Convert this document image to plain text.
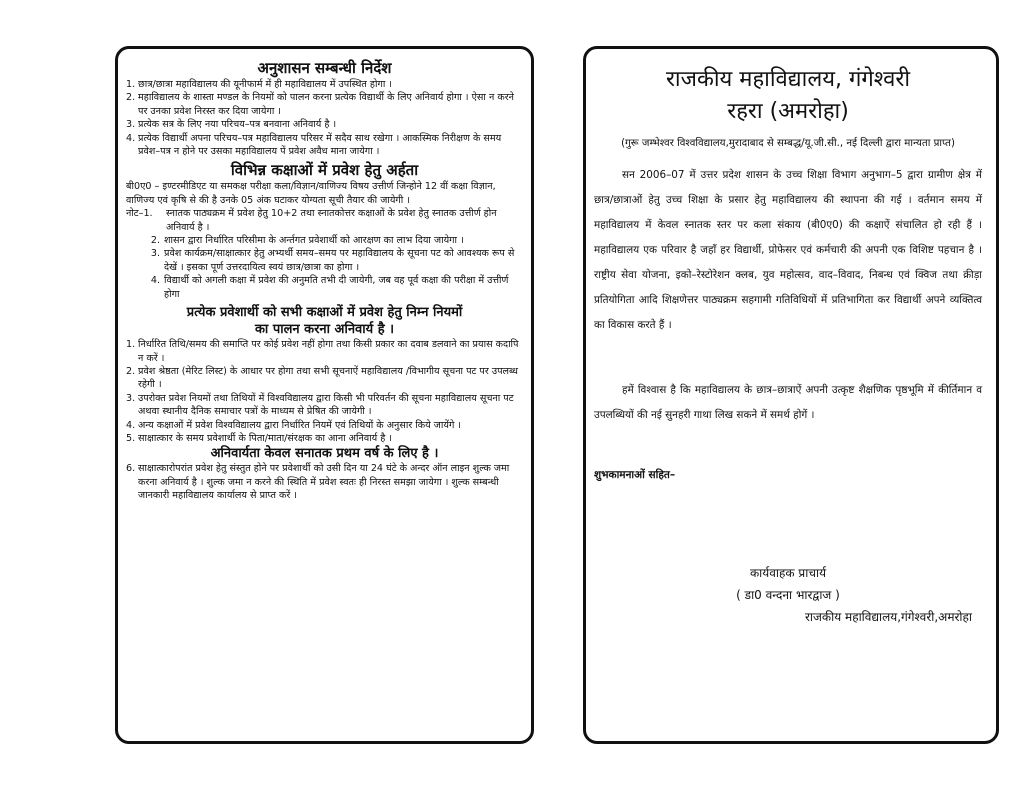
अनुशासन सम्बन्धी निर्देश

1. छात्र/छात्रा महाविद्यालय की यूनीफार्म में ही महाविद्यालय में उपस्थित होगा ।
2. महाविद्यालय के शास्ता मण्डल के नियमों को पालन करना प्रत्येक विद्यार्थी के लिए अनिवार्य होगा । ऐसा न करने पर उनका प्रवेश निरस्त कर दिया जायेगा ।
3. प्रत्येक सत्र के लिए नया परिचय–पत्र बनवाना अनिवार्य है ।
4. प्रत्येक विद्यार्थी अपना परिचय–पत्र महाविद्यालय परिसर में सदैव साथ रखेगा । आकस्मिक निरीक्षण के समय प्रवेश–पत्र न होने पर उसका महाविद्यालय पें प्रवेश अवैध माना जायेगा ।

विभिन्न कक्षाओं में प्रवेश हेतु अर्हता

बी0ए0 – इण्टरमीडिएट या समकक्ष परीक्षा कला/विज्ञान/वाणिज्य विषय उत्तीर्ण जिन्होने 12 वीं कक्षा विज्ञान, वाणिज्य एवं कृषि से की है उनके 05 अंक घटाकर योग्यता सूची तैयार की जायेगी ।

नोट–1.	स्नातक पाठ्यक्रम में प्रवेश हेतु 10+2 तथा स्नातकोत्तर कक्षाओं के प्रवेश हेतु स्नातक उत्तीर्ण होन अनिवार्य है ।
2. शासन द्वारा निर्धारित परिसीमा के अर्न्तगत प्रवेशार्थी को आरक्षण का लाभ दिया जायेगा ।
3. प्रवेश कार्यक्रम/साक्षात्कार हेतु अभ्यर्थी समय–समय पर महाविद्यालय के सूचना पट को आवश्यक रूप से देखें । इसका पूर्ण उत्तरदायित्व स्वयं छात्र/छात्रा का होगा ।
4. विद्यार्थी को अगली कक्षा में प्रवेश की अनुमति तभी दी जायेगी, जब वह पूर्व कक्षा की परीक्षा में उत्तीर्ण होगा

प्रत्येक प्रवेशार्थी को सभी कक्षाओं में प्रवेश हेतु निम्न नियमों

का पालन करना अनिवार्य है ।

1. निर्धारित तिथि/समय की समाप्ति पर कोई प्रवेश नहीं होगा तथा किसी प्रकार का दवाब डलवाने का प्रयास कदापि न करें ।
2. प्रवेश श्रेष्ठता (मेरिट लिस्ट) के आधार पर होगा तथा सभी सूचनाऐं महाविद्यालय /विभागीय सूचना पट पर उपलब्ध रहेगी ।
3. उपरोक्त प्रवेश नियमों तथा तिथियों में विश्वविद्यालय द्वारा किसी भी परिवर्तन की सूचना महाविद्यालय सूचना पट अथवा स्थानीय दैनिक समाचार पत्रों के माध्यम से प्रेषित की जायेगी ।
4. अन्य कक्षाओं में प्रवेश विश्वविद्यालय द्वारा निर्धारित नियमें एवं तिथियों के अनुसार किये जायेंगे ।
5. साक्षात्कार के समय प्रवेशार्थी के पिता/माता/संरक्षक का आना अनिवार्य है ।

अनिवार्यता केवल सनातक प्रथम वर्ष के लिए है ।

6. साक्षात्कारोपरांत प्रवेश हेतु संस्तुत होने पर प्रवेशार्थी को उसी दिन या 24 घंटे के अन्दर ऑन लाइन शुल्क जमा करना अनिवार्य है । शुल्क जमा न करने की स्थिति में प्रवेश स्वतः ही निरस्त समझा जायेगा । शुल्क सम्बन्धी जानकारी महाविद्यालय कार्यालय से प्राप्त करें ।

राजकीय महाविद्यालय, गंगेश्वरी

रहरा (अमरोहा)

(गुरू जम्भेश्वर विश्वविद्यालय,मुरादाबाद से सम्बद्ध/यू.जी.सी., नई दिल्ली द्वारा मान्यता प्राप्त)

सन 2006–07 में उत्तर प्रदेश शासन के उच्च शिक्षा विभाग अनुभाग–5 द्वारा ग्रामीण क्षेत्र में छात्र/छात्राओं हेतु उच्च शिक्षा के प्रसार हेतु महाविद्यालय की स्थापना की गई । वर्तमान समय में महाविद्यालय में केवल स्नातक स्तर पर कला संकाय (बी0ए0) की कक्षाऐं संचालित हो रही हैं । महाविद्यालय एक परिवार है जहाँ हर विद्यार्थी, प्रोफेसर एवं कर्मचारी की अपनी एक विशिष्ट पहचान है ।राष्ट्रीय सेवा योजना, इको–रेस्टोरेशन क्लब, युव महोत्सव, वाद–विवाद, निबन्ध एवं क्विज तथा क्रीड़ा प्रतियोगिता आदि शिक्षणेत्तर पाठ्यक्रम सहगामी गतिविधियों में प्रतिभागिता कर विद्यार्थी अपने व्यक्तित्व का विकास करते हैं ।

हमें विश्वास है कि महाविद्यालय के छात्र–छात्राऐं अपनी उत्कृष्ट शैक्षणिक पृष्ठभूमि में कीर्तिमान व उपलब्धियों की नई सुनहरी गाथा लिख सकने में समर्थ होगें ।

शुभकामनाओं सहित–
कार्यवाहक प्राचार्य
( डा0 वन्दना भारद्वाज )
राजकीय महाविद्यालय,गंगेश्वरी,अमरोहा
